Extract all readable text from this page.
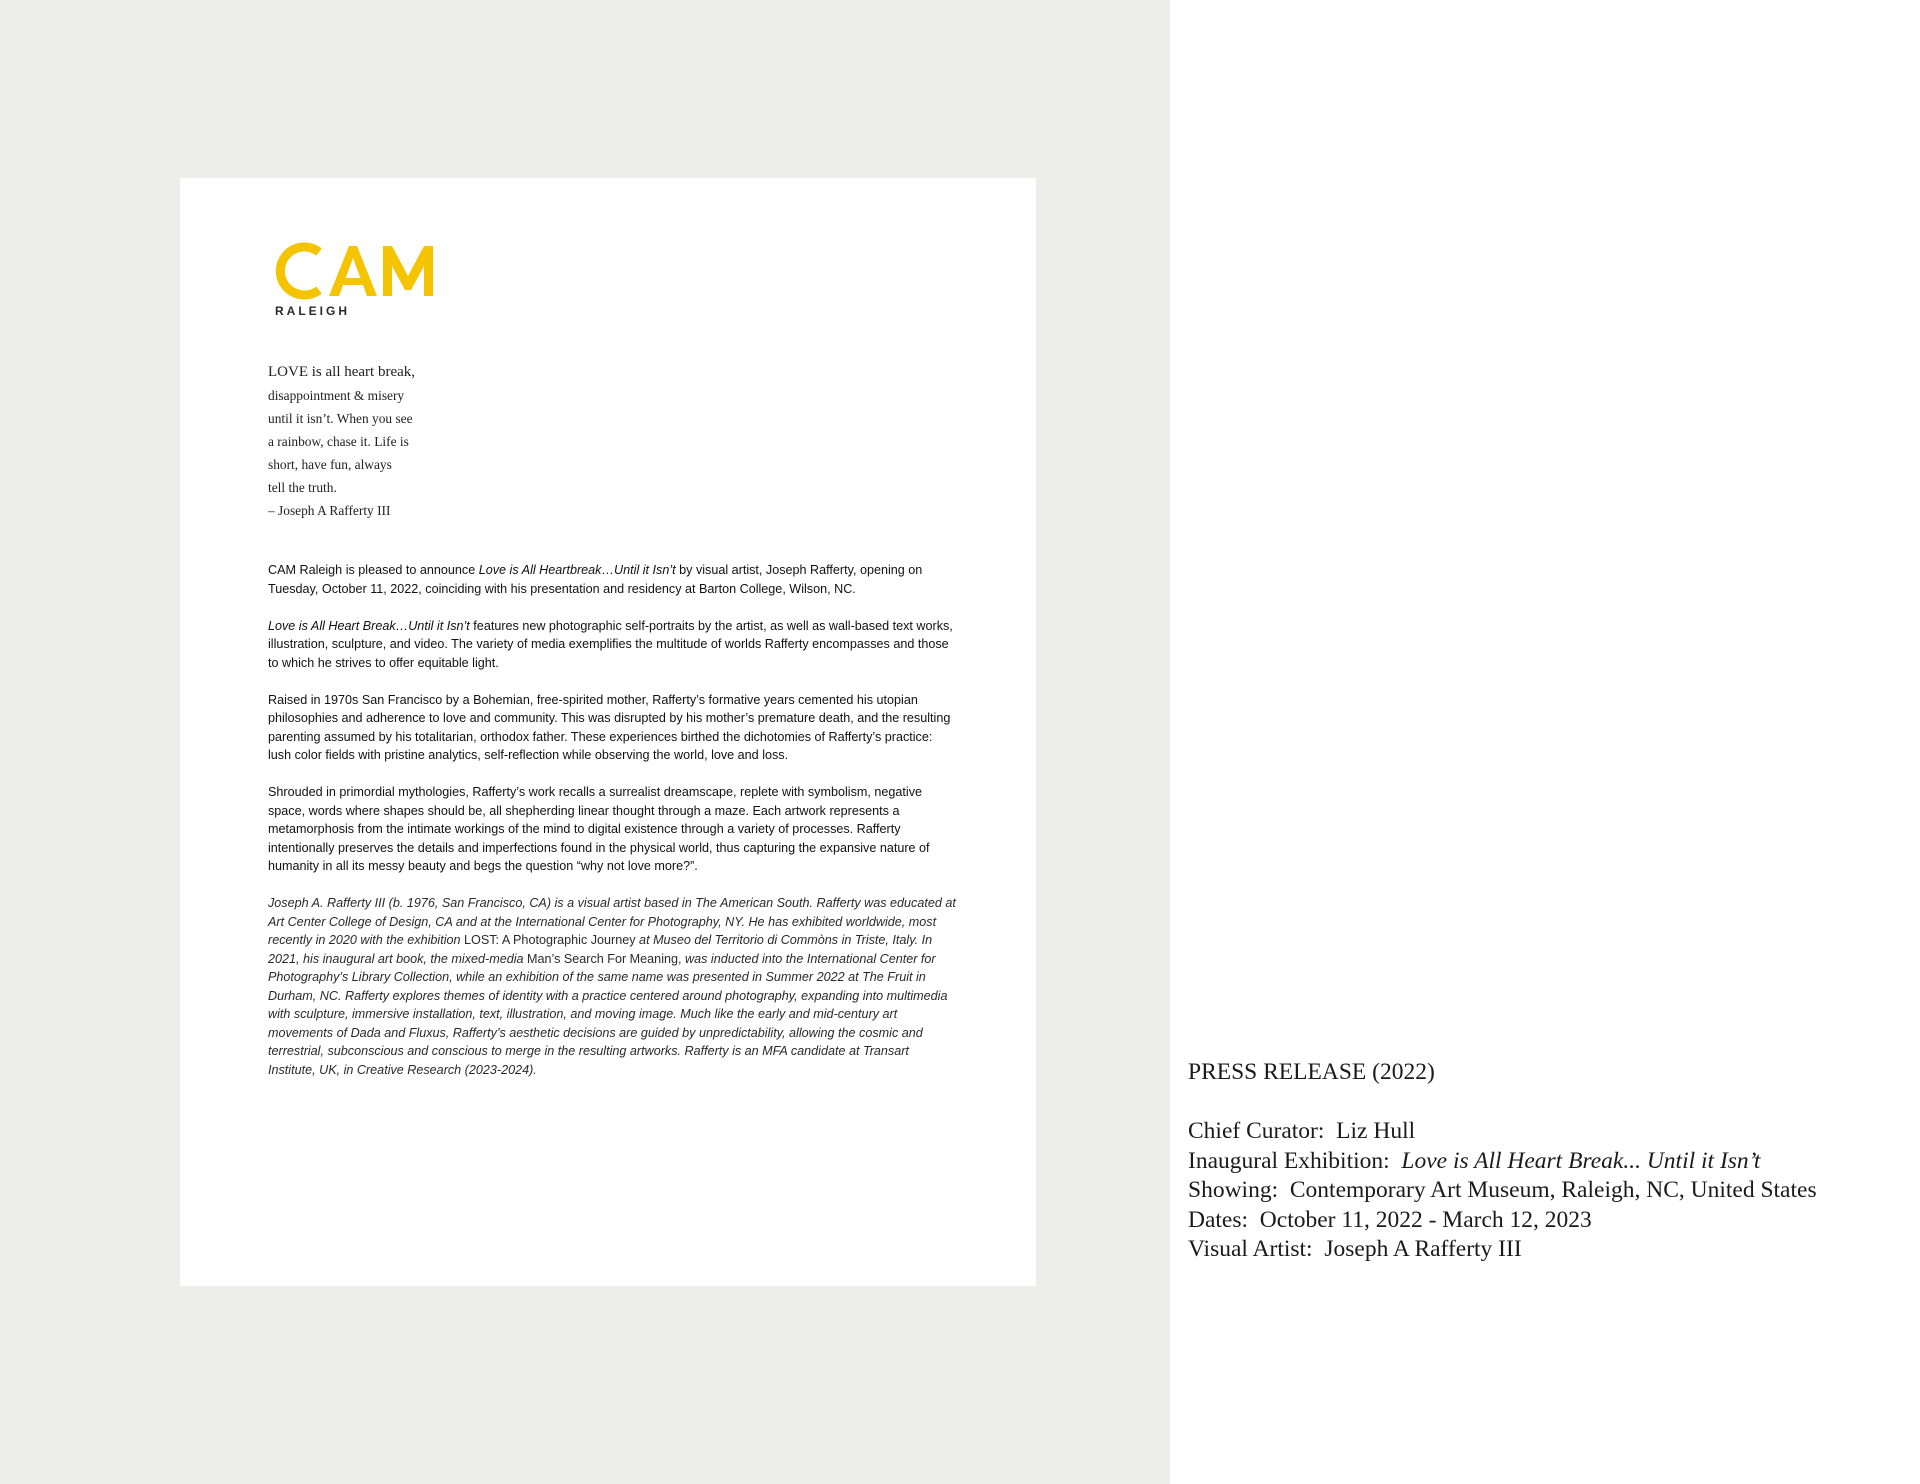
RALEIGH
LOVE is all heart break,
disappointment & misery
until it isn’t. When you see
a rainbow, chase it. Life is
short, have fun, always
tell the truth.
– Joseph A Rafferty III

CAM Raleigh is pleased to announce Love is All Heartbreak…Until it Isn’t by visual artist, Joseph Rafferty, opening on Tuesday, October 11, 2022, coinciding with his presentation and residency at Barton College, Wilson, NC.

Love is All Heart Break…Until it Isn’t features new photographic self-portraits by the artist, as well as wall-based text works, illustration, sculpture, and video. The variety of media exemplifies the multitude of worlds Rafferty encompasses and those to which he strives to offer equitable light.

Raised in 1970s San Francisco by a Bohemian, free-spirited mother, Rafferty’s formative years cemented his utopian philosophies and adherence to love and community. This was disrupted by his mother’s premature death, and the resulting parenting assumed by his totalitarian, orthodox father. These experiences birthed the dichotomies of Rafferty’s practice: lush color fields with pristine analytics, self-reflection while observing the world, love and loss.

Shrouded in primordial mythologies, Rafferty’s work recalls a surrealist dreamscape, replete with symbolism, negative space, words where shapes should be, all shepherding linear thought through a maze. Each artwork represents a metamorphosis from the intimate workings of the mind to digital existence through a variety of processes. Rafferty intentionally preserves the details and imperfections found in the physical world, thus capturing the expansive nature of humanity in all its messy beauty and begs the question “why not love more?”.

Joseph A. Rafferty III (b. 1976, San Francisco, CA) is a visual artist based in The American South. Rafferty was educated at Art Center College of Design, CA and at the International Center for Photography, NY. He has exhibited worldwide, most recently in 2020 with the exhibition LOST: A Photographic Journey at Museo del Territorio di Commòns in Triste, Italy. In 2021, his inaugural art book, the mixed-media Man’s Search For Meaning, was inducted into the International Center for Photography’s Library Collection, while an exhibition of the same name was presented in Summer 2022 at The Fruit in Durham, NC. Rafferty explores themes of identity with a practice centered around photography, expanding into multimedia with sculpture, immersive installation, text, illustration, and moving image. Much like the early and mid-century art movements of Dada and Fluxus, Rafferty’s aesthetic decisions are guided by unpredictability, allowing the cosmic and terrestrial, subconscious and conscious to merge in the resulting artworks. Rafferty is an MFA candidate at Transart Institute, UK, in Creative Research (2023-2024).	PRESS RELEASE (2022)
Chief Curator: Liz Hull
Inaugural Exhibition: Love is All Heart Break... Until it Isn’t
Showing: Contemporary Art Museum, Raleigh, NC, United States
Dates: October 11, 2022 - March 12, 2023
Visual Artist: Joseph A Rafferty III
